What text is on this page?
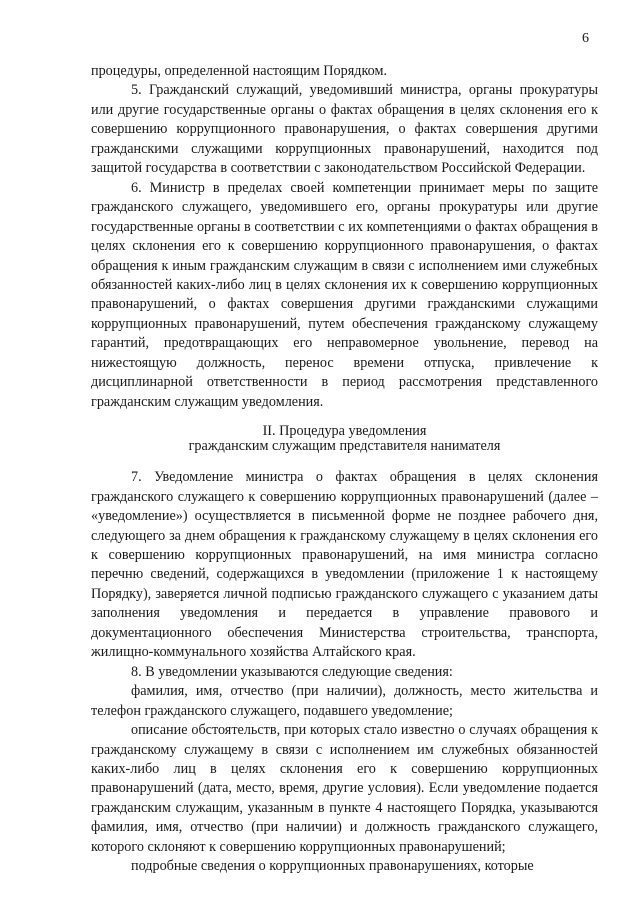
6

процедуры, определенной настоящим Порядком.

5. Гражданский служащий, уведомивший министра, органы прокуратуры или другие государственные органы о фактах обращения в целях склонения его к совершению коррупционного правонарушения, о фактах совершения другими гражданскими служащими коррупционных правонарушений, находится под защитой государства в соответствии с законодательством Российской Федерации.

6. Министр в пределах своей компетенции принимает меры по защите гражданского служащего, уведомившего его, органы прокуратуры или другие государственные органы в соответствии с их компетенциями о фактах обращения в целях склонения его к совершению коррупционного правонарушения, о фактах обращения к иным гражданским служащим в связи с исполнением ими служебных обязанностей каких-либо лиц в целях склонения их к совершению коррупционных правонарушений, о фактах совершения другими гражданскими служащими коррупционных правонарушений, путем обеспечения гражданскому служащему гарантий, предотвращающих его неправомерное увольнение, перевод на нижестоящую должность, перенос времени отпуска, привлечение к дисциплинарной ответственности в период рассмотрения представленного гражданским служащим уведомления.

II. Процедура уведомления
гражданским служащим представителя нанимателя

7. Уведомление министра о фактах обращения в целях склонения гражданского служащего к совершению коррупционных правонарушений (далее – «уведомление») осуществляется в письменной форме не позднее рабочего дня, следующего за днем обращения к гражданскому служащему в целях склонения его к совершению коррупционных правонарушений, на имя министра согласно перечню сведений, содержащихся в уведомлении (приложение 1 к настоящему Порядку), заверяется личной подписью гражданского служащего с указанием даты заполнения уведомления и передается в управление правового и документационного обеспечения Министерства строительства, транспорта, жилищно-коммунального хозяйства Алтайского края.

8. В уведомлении указываются следующие сведения:

фамилия, имя, отчество (при наличии), должность, место жительства и телефон гражданского служащего, подавшего уведомление;

описание обстоятельств, при которых стало известно о случаях обращения к гражданскому служащему в связи с исполнением им служебных обязанностей каких-либо лиц в целях склонения его к совершению коррупционных правонарушений (дата, место, время, другие условия). Если уведомление подается гражданским служащим, указанным в пункте 4 настоящего Порядка, указываются фамилия, имя, отчество (при наличии) и должность гражданского служащего, которого склоняют к совершению коррупционных правонарушений;

подробные сведения о коррупционных правонарушениях, которые
